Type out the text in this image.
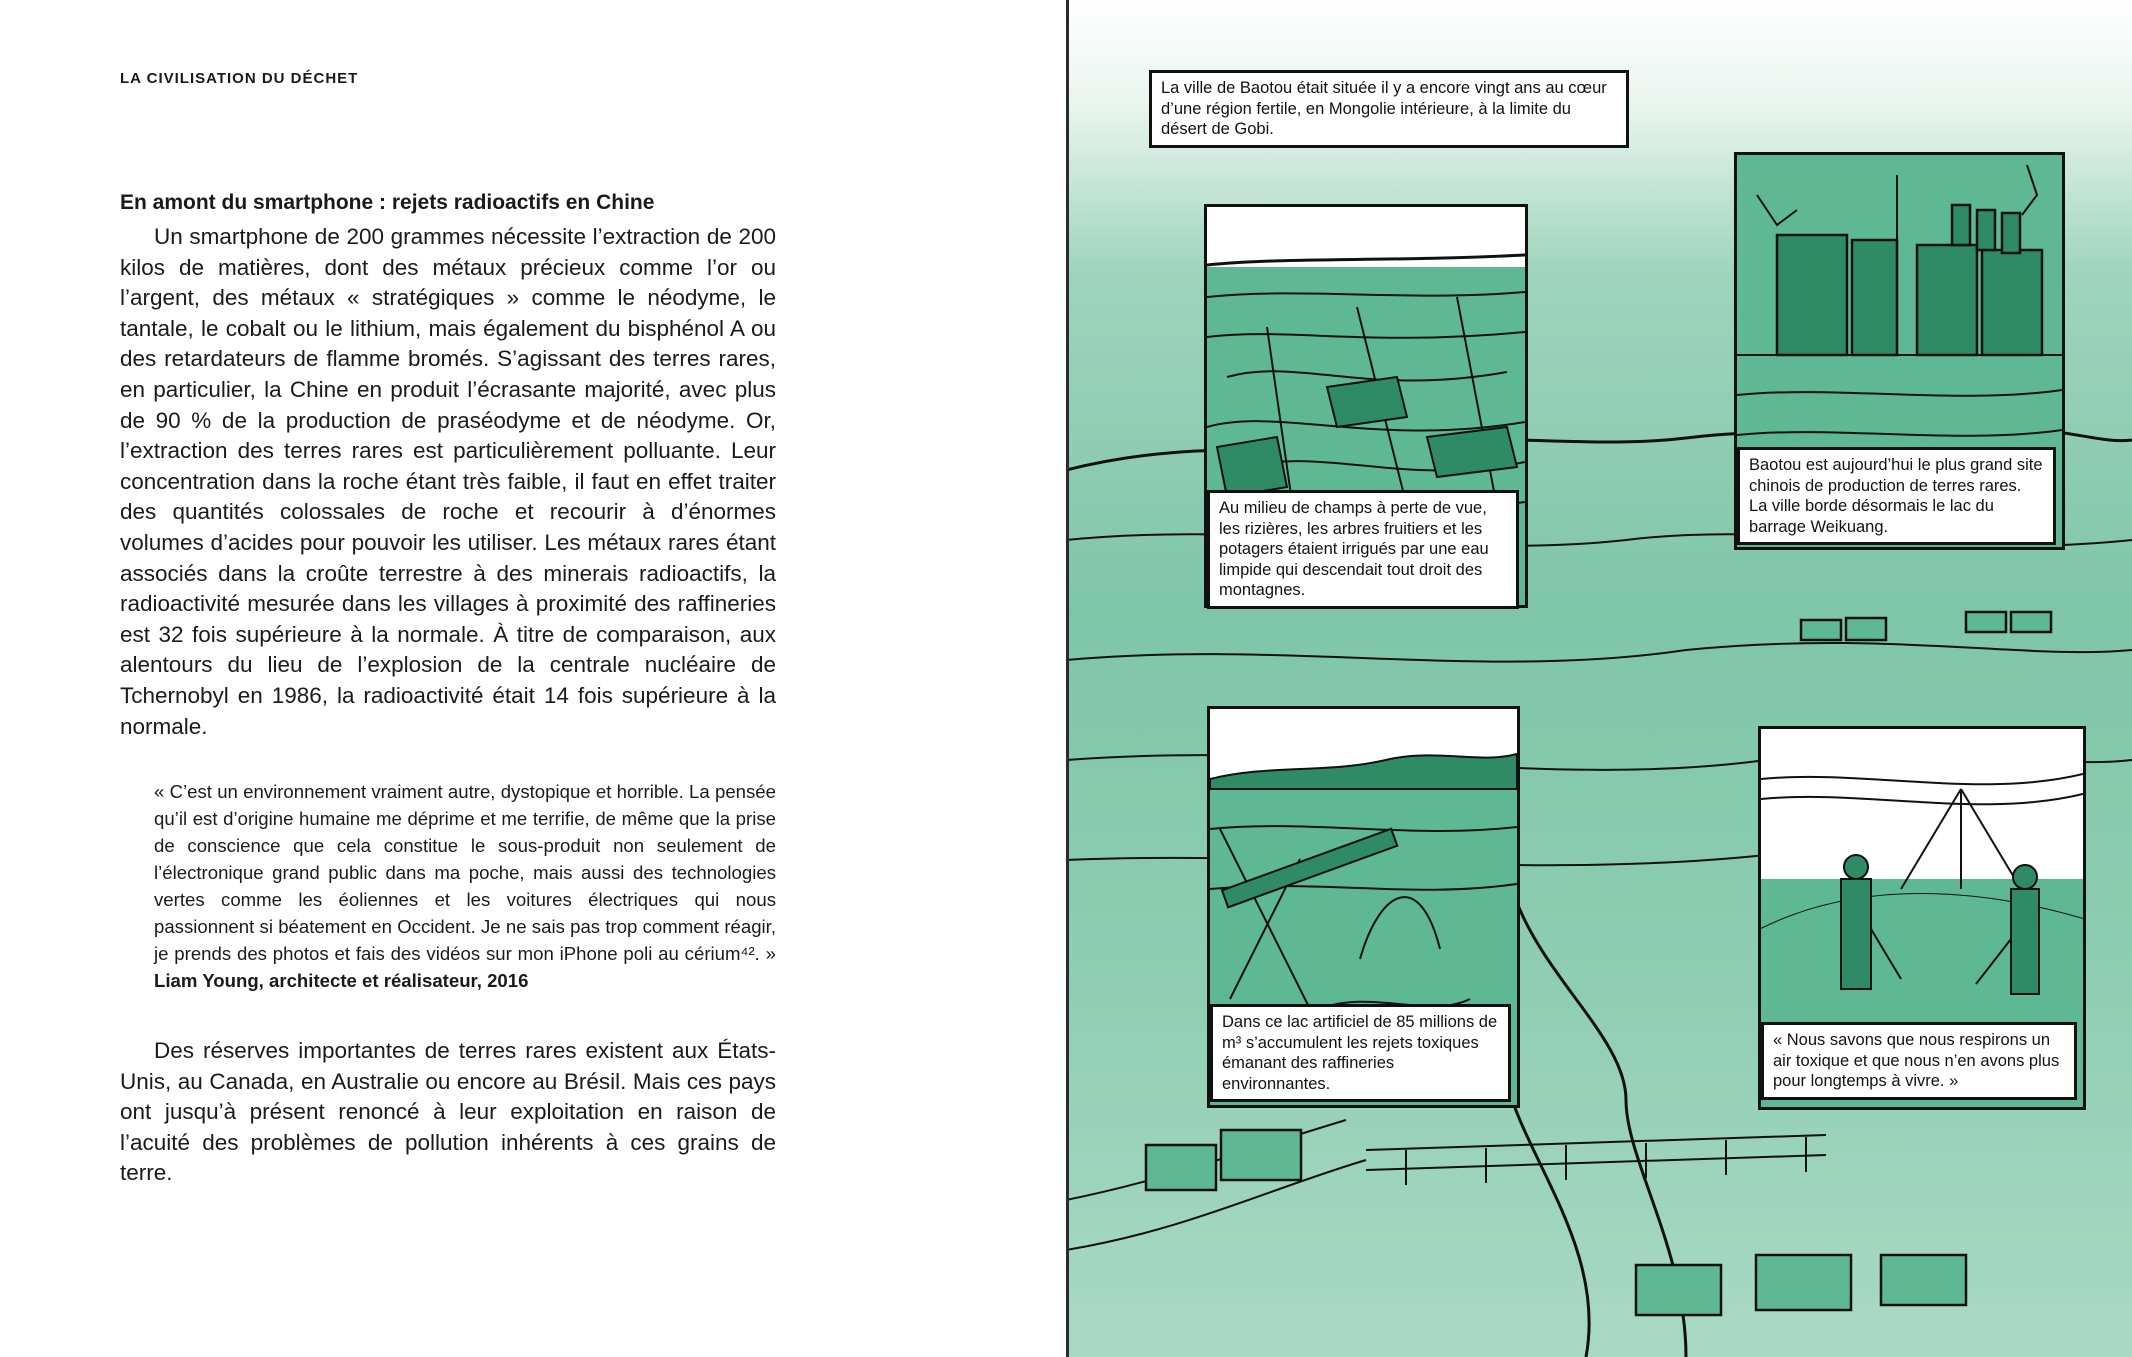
LA CIVILISATION DU DÉCHET

En amont du smartphone : rejets radioactifs en Chine

Un smartphone de 200 grammes nécessite l’extraction de 200 kilos de matières, dont des métaux précieux comme l’or ou l’argent, des métaux « stratégiques » comme le néodyme, le tantale, le cobalt ou le lithium, mais également du bisphénol A ou des retardateurs de flamme bromés. S’agissant des terres rares, en particulier, la Chine en produit l’écrasante majorité, avec plus de 90 % de la production de praséodyme et de néodyme. Or, l’extraction des terres rares est particulièrement polluante. Leur concentration dans la roche étant très faible, il faut en effet traiter des quantités colossales de roche et recourir à d’énormes volumes d’acides pour pouvoir les utiliser. Les métaux rares étant associés dans la croûte terrestre à des minerais radioactifs, la radioactivité mesurée dans les villages à proximité des raffineries est 32 fois supérieure à la normale. À titre de comparaison, aux alentours du lieu de l’explosion de la centrale nucléaire de Tchernobyl en 1986, la radioactivité était 14 fois supérieure à la normale.

« C’est un environnement vraiment autre, dystopique et horrible. La pensée qu’il est d’origine humaine me déprime et me terrifie, de même que la prise de conscience que cela constitue le sous-produit non seulement de l’électronique grand public dans ma poche, mais aussi des technologies vertes comme les éoliennes et les voitures électriques qui nous passionnent si béatement en Occident. Je ne sais pas trop comment réagir, je prends des photos et fais des vidéos sur mon iPhone poli au cérium⁴². » Liam Young, architecte et réalisateur, 2016

Des réserves importantes de terres rares existent aux États-Unis, au Canada, en Australie ou encore au Brésil. Mais ces pays ont jusqu’à présent renoncé à leur exploitation en raison de l’acuité des problèmes de pollution inhérents à ces grains de terre.

La ville de Baotou était située il y a encore vingt ans au cœur d’une région fertile, en Mongolie intérieure, à la limite du désert de Gobi.
Au milieu de champs à perte de vue, les rizières, les arbres fruitiers et les potagers étaient irrigués par une eau limpide qui descendait tout droit des montagnes.
Baotou est aujourd’hui le plus grand site chinois de production de terres rares. La ville borde désormais le lac du barrage Weikuang.
Dans ce lac artificiel de 85 millions de m³ s’accumulent les rejets toxiques émanant des raffineries environnantes.
« Nous savons que nous respirons un air toxique et que nous n’en avons plus pour longtemps à vivre. »
